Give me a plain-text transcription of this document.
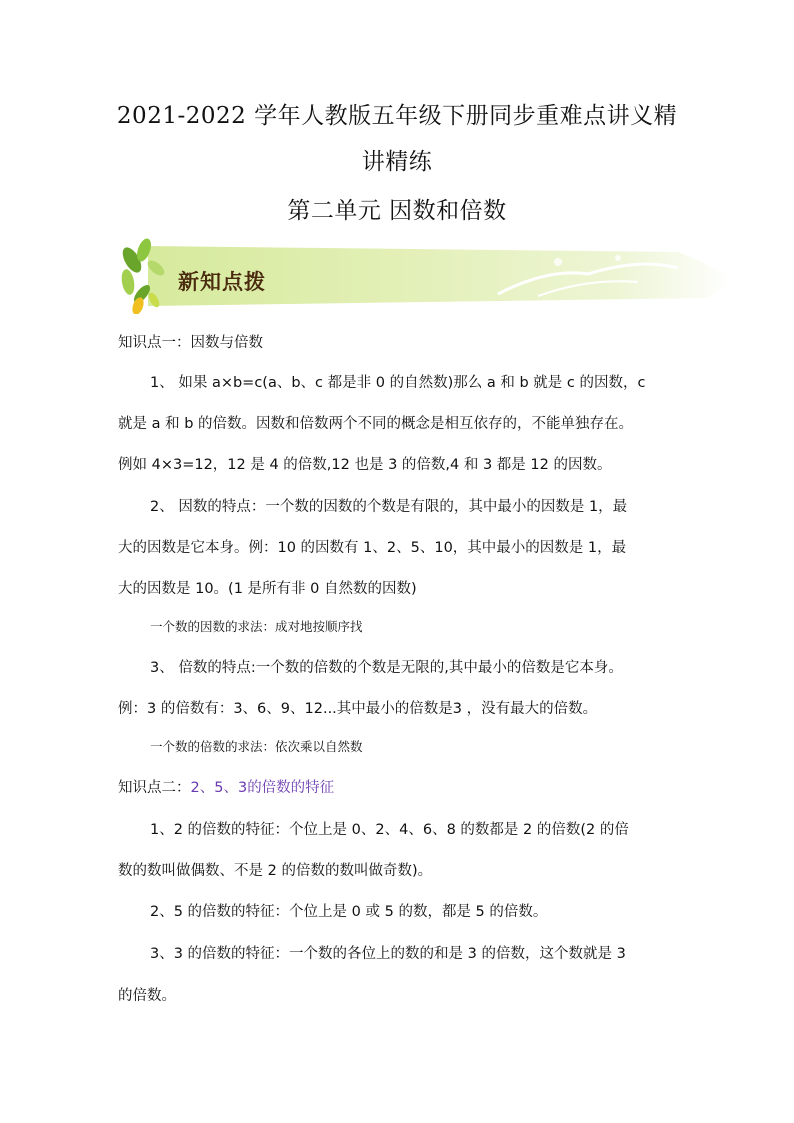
2021-2022 学年人教版五年级下册同步重难点讲义精
讲精练
第二单元 因数和倍数
新知点拨
知识点一：因数与倍数
1、 如果 a×b=c(a、b、c 都是非 0 的自然数)那么 a 和 b 就是 c 的因数，c
就是 a 和 b 的倍数。因数和倍数两个不同的概念是相互依存的，不能单独存在。
例如 4×3=12，12 是 4 的倍数,12 也是 3 的倍数,4 和 3 都是 12 的因数。
2、 因数的特点：一个数的因数的个数是有限的，其中最小的因数是 1，最
大的因数是它本身。例：10 的因数有 1、2、5、10，其中最小的因数是 1，最
大的因数是 10。(1 是所有非 0 自然数的因数)
一个数的因数的求法：成对地按顺序找
3、 倍数的特点:一个数的倍数的个数是无限的,其中最小的倍数是它本身。
例：3 的倍数有：3、6、9、12...其中最小的倍数是3 ，没有最大的倍数。
一个数的倍数的求法：依次乘以自然数
知识点二：2、5、3的倍数的特征
1、2 的倍数的特征：个位上是 0、2、4、6、8 的数都是 2 的倍数(2 的倍
数的数叫做偶数、不是 2 的倍数的数叫做奇数)。
2、5 的倍数的特征：个位上是 0 或 5 的数，都是 5 的倍数。
3、3 的倍数的特征：一个数的各位上的数的和是 3 的倍数，这个数就是 3
的倍数。
